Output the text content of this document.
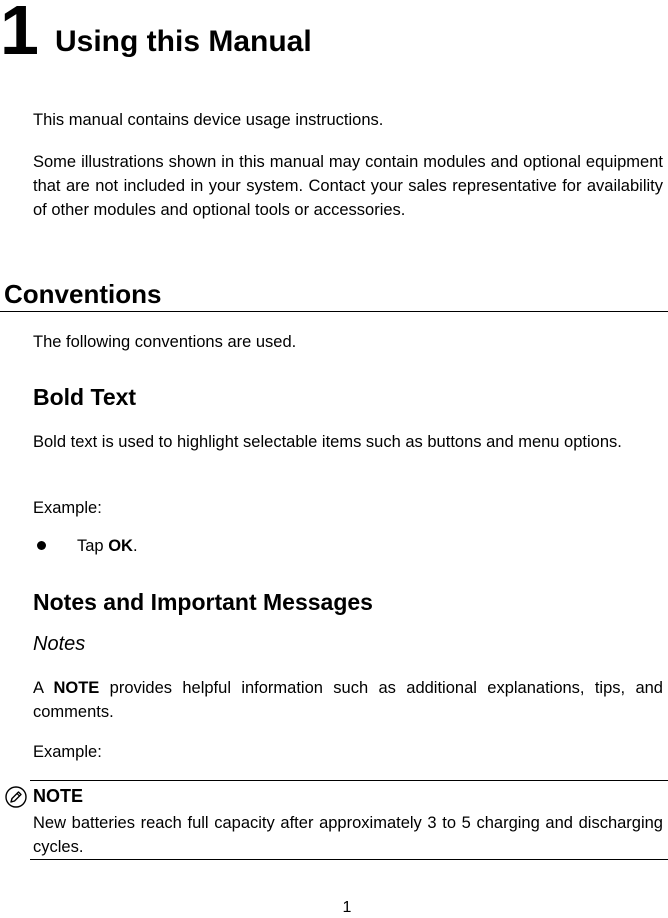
1 Using this Manual
This manual contains device usage instructions.
Some illustrations shown in this manual may contain modules and optional equipment that are not included in your system. Contact your sales representative for availability of other modules and optional tools or accessories.
Conventions
The following conventions are used.
Bold Text
Bold text is used to highlight selectable items such as buttons and menu options.
Example:
Tap OK.
Notes and Important Messages
Notes
A NOTE provides helpful information such as additional explanations, tips, and comments.
Example:
NOTE
New batteries reach full capacity after approximately 3 to 5 charging and discharging cycles.
1
